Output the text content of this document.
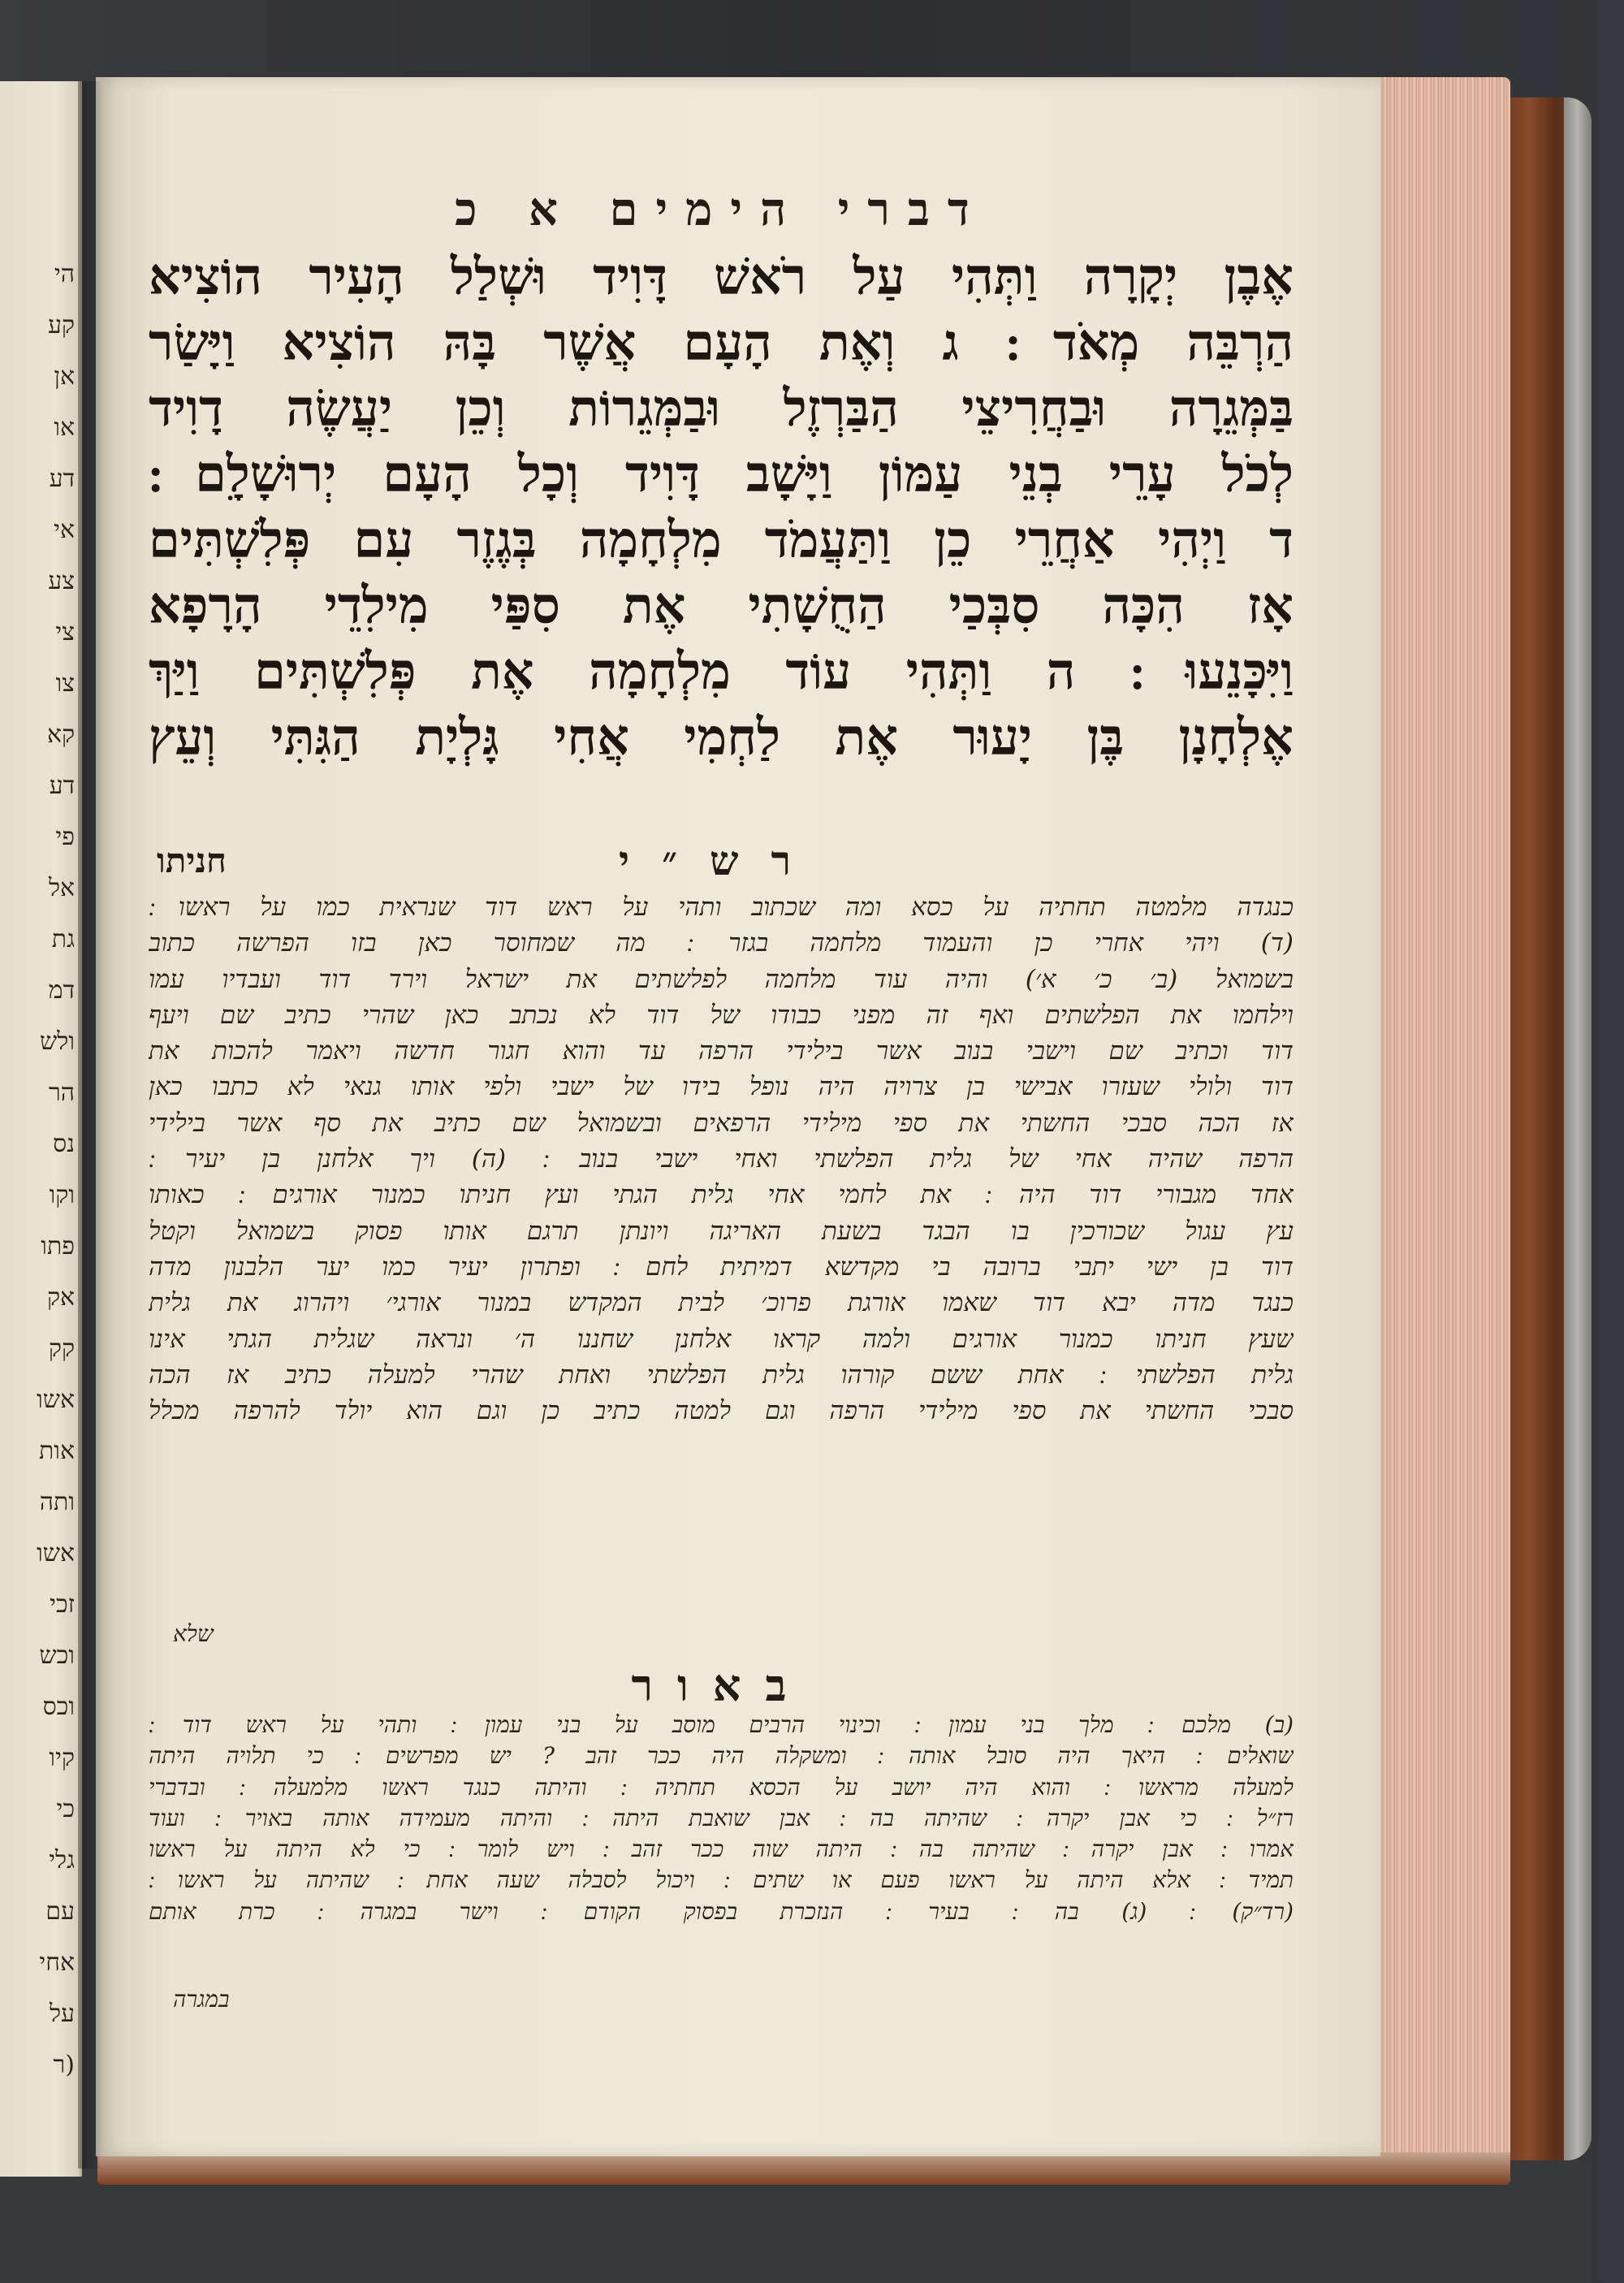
הי
קע
אן
או
דע
אי
צע
צי
צו
קא
דע
פי
אל
גת
דמ
ולש
הר
נס
וקו
פתו
אק
קק
אשו
אות
ותה
אשו
זכי
וכש
וכס
קיו
כי
גלי
עם
אחי
על
(ר
דברי הימים א כ
אֶבֶן יְקָרָה וַתְּהִי עַל רֹאשׁ דָּוִיד וּשְׁלַל הָעִיר הוֹצִיא
הַרְבֵּה מְאֹד ׃ ג וְאֶת הָעָם אֲשֶׁר בָּהּ הוֹצִיא וַיָּשַׂר
בַּמְּגֵרָה וּבַחֲרִיצֵי הַבַּרְזֶל וּבַמְּגֵרוֹת וְכֵן יַעֲשֶׂה דָוִיד
לְכֹל עָרֵי בְנֵי עַמּוֹן וַיָּשָׁב דָּוִיד וְכָל הָעָם יְרוּשָׁלִָם ׃
ד וַיְהִי אַחֲרֵי כֵן וַתַּעֲמֹד מִלְחָמָה בְּגֶזֶר עִם פְּלִשְׁתִּים
אָז הִכָּה סִבְּכַי הַחֻשָׁתִי אֶת סִפַּי מִילִדֵי הָרָפָא
וַיִּכָּנֵעוּ ׃ ה וַתְּהִי עוֹד מִלְחָמָה אֶת פְּלִשְׁתִּים וַיַּךְ
אֶלְחָנָן בֶּן יָעוּר אֶת לַחְמִי אֲחִי גָּלְיָת הַגִּתִּי וְעֵץ
רש״י
חניתו
כנגדה מלמטה תחתיה על כסא ומה שכתוב ותהי על ראש דוד שנראית כמו על ראשו ׃
(ד) ויהי אחרי כן והעמוד מלחמה בגזר ׃ מה שמחוסר כאן בזו הפרשה כתוב
בשמואל (ב׳ כ׳ א׳) והיה עוד מלחמה לפלשתים את ישראל וירד דוד ועבדיו עמו
וילחמו את הפלשתים ואף זה מפני כבודו של דוד לא נכתב כאן שהרי כתיב שם ויעף
דוד וכתיב שם וישבי בנוב אשר בילידי הרפה עד והוא חגור חדשה ויאמר להכות את
דוד ולולי שעזרו אבישי בן צרויה היה נופל בידו של ישבי ולפי אותו גנאי לא כתבו כאן
אז הכה סבכי החשתי את ספי מילידי הרפאים ובשמואל שם כתיב את סף אשר בילידי
הרפה שהיה אחי של גלית הפלשתי ואחי ישבי בנוב ׃ (ה) ויך אלחנן בן יעיר ׃
אחד מגבורי דוד היה ׃ את לחמי אחי גלית הגתי ועץ חניתו כמנור אורגים ׃ כאותו
עץ עגול שכורכין בו הבגד בשעת האריגה ויונתן תרגם אותו פסוק בשמואל וקטל
דוד בן ישי יתבי ברובה בי מקדשא דמיתית לחם ׃ ופתרון יעיר כמו יער הלבנון מדה
כנגד מדה יבא דוד שאמו אורגת פרוכ׳ לבית המקדש במנור אורגי׳ ויהרוג את גלית
שעץ חניתו כמנור אורגים ולמה קראו אלחנן שחננו ה׳ ונראה שגלית הגתי אינו
גלית הפלשתי ׃ אחת ששם קורהו גלית הפלשתי ואחת שהרי למעלה כתיב אז הכה
סבכי החשתי את ספי מילידי הרפה וגם למטה כתיב כן וגם הוא יולד להרפה מכלל
שלא
באור
(ב) מלכם ׃ מלך בני עמון ׃ וכינוי הרבים מוסב על בני עמון ׃ ותהי על ראש דוד ׃
שואלים ׃ היאך היה סובל אותה ׃ ומשקלה היה ככר זהב ? יש מפרשים ׃ כי תלויה היתה
למעלה מראשו ׃ והוא היה יושב על הכסא תחתיה ׃ והיתה כנגד ראשו מלמעלה ׃ ובדברי
רז״ל ׃ כי אבן יקרה ׃ שהיתה בה ׃ אבן שואבת היתה ׃ והיתה מעמידה אותה באויר ׃ ועוד
אמרו ׃ אבן יקרה ׃ שהיתה בה ׃ היתה שוה ככר זהב ׃ ויש לומר ׃ כי לא היתה על ראשו
תמיד ׃ אלא היתה על ראשו פעם או שתים ׃ ויכול לסבלה שעה אחת ׃ שהיתה על ראשו ׃
(רד״ק) ׃ (ג) בה ׃ בעיר ׃ הנזכרת בפסוק הקודם ׃ וישר במגרה ׃ כרת אותם
במגרה
